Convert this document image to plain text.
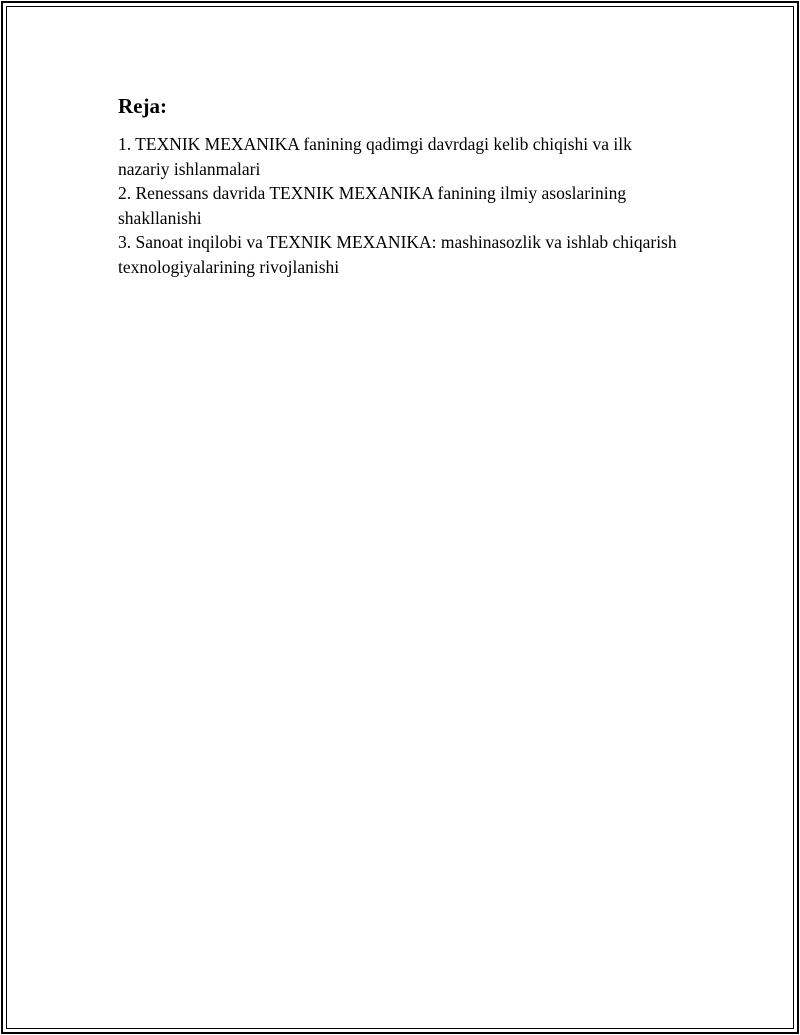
Reja:

1. TEXNIK MEXANIKA fanining qadimgi davrdagi kelib chiqishi va ilk nazariy ishlanmalari

2. Renessans davrida TEXNIK MEXANIKA fanining ilmiy asoslarining shakllanishi

3. Sanoat inqilobi va TEXNIK MEXANIKA: mashinasozlik va ishlab chiqarish texnologiyalarining rivojlanishi
